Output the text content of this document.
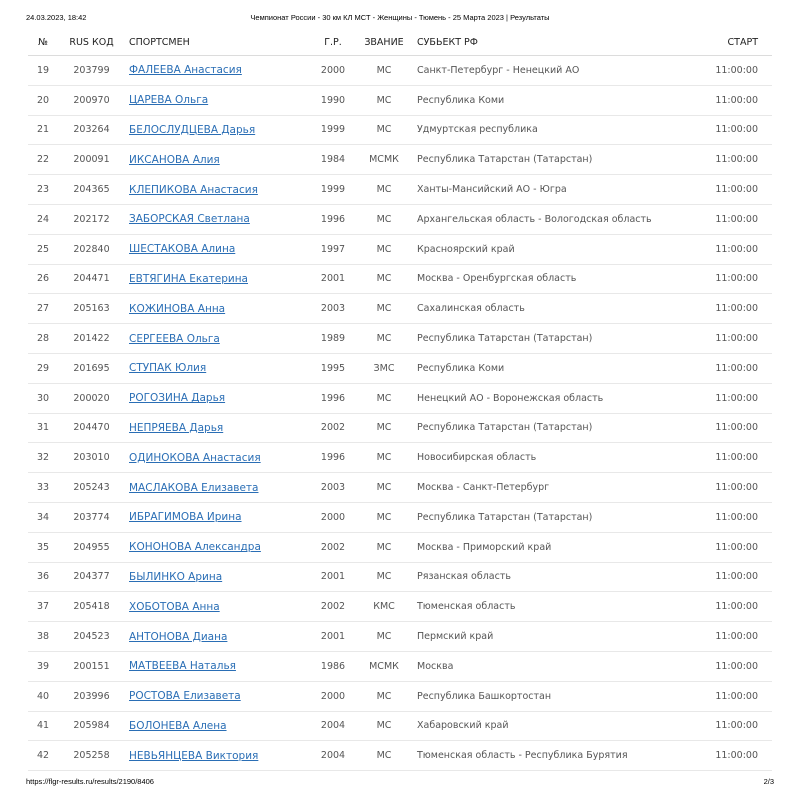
24.03.2023, 18:42	Чемпионат России - 30 км КЛ МСТ - Женщины - Тюмень - 25 Марта 2023 | Результаты
№	RUS КОД	СПОРТСМЕН	Г.Р.	ЗВАНИЕ	СУБЬЕКТ РФ	СТАРТ
19	203799	ФАЛЕЕВА Анастасия	2000	МС	Санкт-Петербург - Ненецкий АО	11:00:00
20	200970	ЦАРЕВА Ольга	1990	МС	Республика Коми	11:00:00
21	203264	БЕЛОСЛУДЦЕВА Дарья	1999	МС	Удмуртская республика	11:00:00
22	200091	ИКСАНОВА Алия	1984	МСМК	Республика Татарстан (Татарстан)	11:00:00
23	204365	КЛЕПИКОВА Анастасия	1999	МС	Ханты-Мансийский АО - Югра	11:00:00
24	202172	ЗАБОРСКАЯ Светлана	1996	МС	Архангельская область - Вологодская область	11:00:00
25	202840	ШЕСТАКОВА Алина	1997	МС	Красноярский край	11:00:00
26	204471	ЕВТЯГИНА Екатерина	2001	МС	Москва - Оренбургская область	11:00:00
27	205163	КОЖИНОВА Анна	2003	МС	Сахалинская область	11:00:00
28	201422	СЕРГЕЕВА Ольга	1989	МС	Республика Татарстан (Татарстан)	11:00:00
29	201695	СТУПАК Юлия	1995	ЗМС	Республика Коми	11:00:00
30	200020	РОГОЗИНА Дарья	1996	МС	Ненецкий АО - Воронежская область	11:00:00
31	204470	НЕПРЯЕВА Дарья	2002	МС	Республика Татарстан (Татарстан)	11:00:00
32	203010	ОДИНОКОВА Анастасия	1996	МС	Новосибирская область	11:00:00
33	205243	МАСЛАКОВА Елизавета	2003	МС	Москва - Санкт-Петербург	11:00:00
34	203774	ИБРАГИМОВА Ирина	2000	МС	Республика Татарстан (Татарстан)	11:00:00
35	204955	КОНОНОВА Александра	2002	МС	Москва - Приморский край	11:00:00
36	204377	БЫЛИНКО Арина	2001	МС	Рязанская область	11:00:00
37	205418	ХОБОТОВА Анна	2002	КМС	Тюменская область	11:00:00
38	204523	АНТОНОВА Диана	2001	МС	Пермский край	11:00:00
39	200151	МАТВЕЕВА Наталья	1986	МСМК	Москва	11:00:00
40	203996	РОСТОВА Елизавета	2000	МС	Республика Башкортостан	11:00:00
41	205984	БОЛОНЕВА Алена	2004	МС	Хабаровский край	11:00:00
42	205258	НЕВЬЯНЦЕВА Виктория	2004	МС	Тюменская область - Республика Бурятия	11:00:00
https://flgr-results.ru/results/2190/8406	2/3
